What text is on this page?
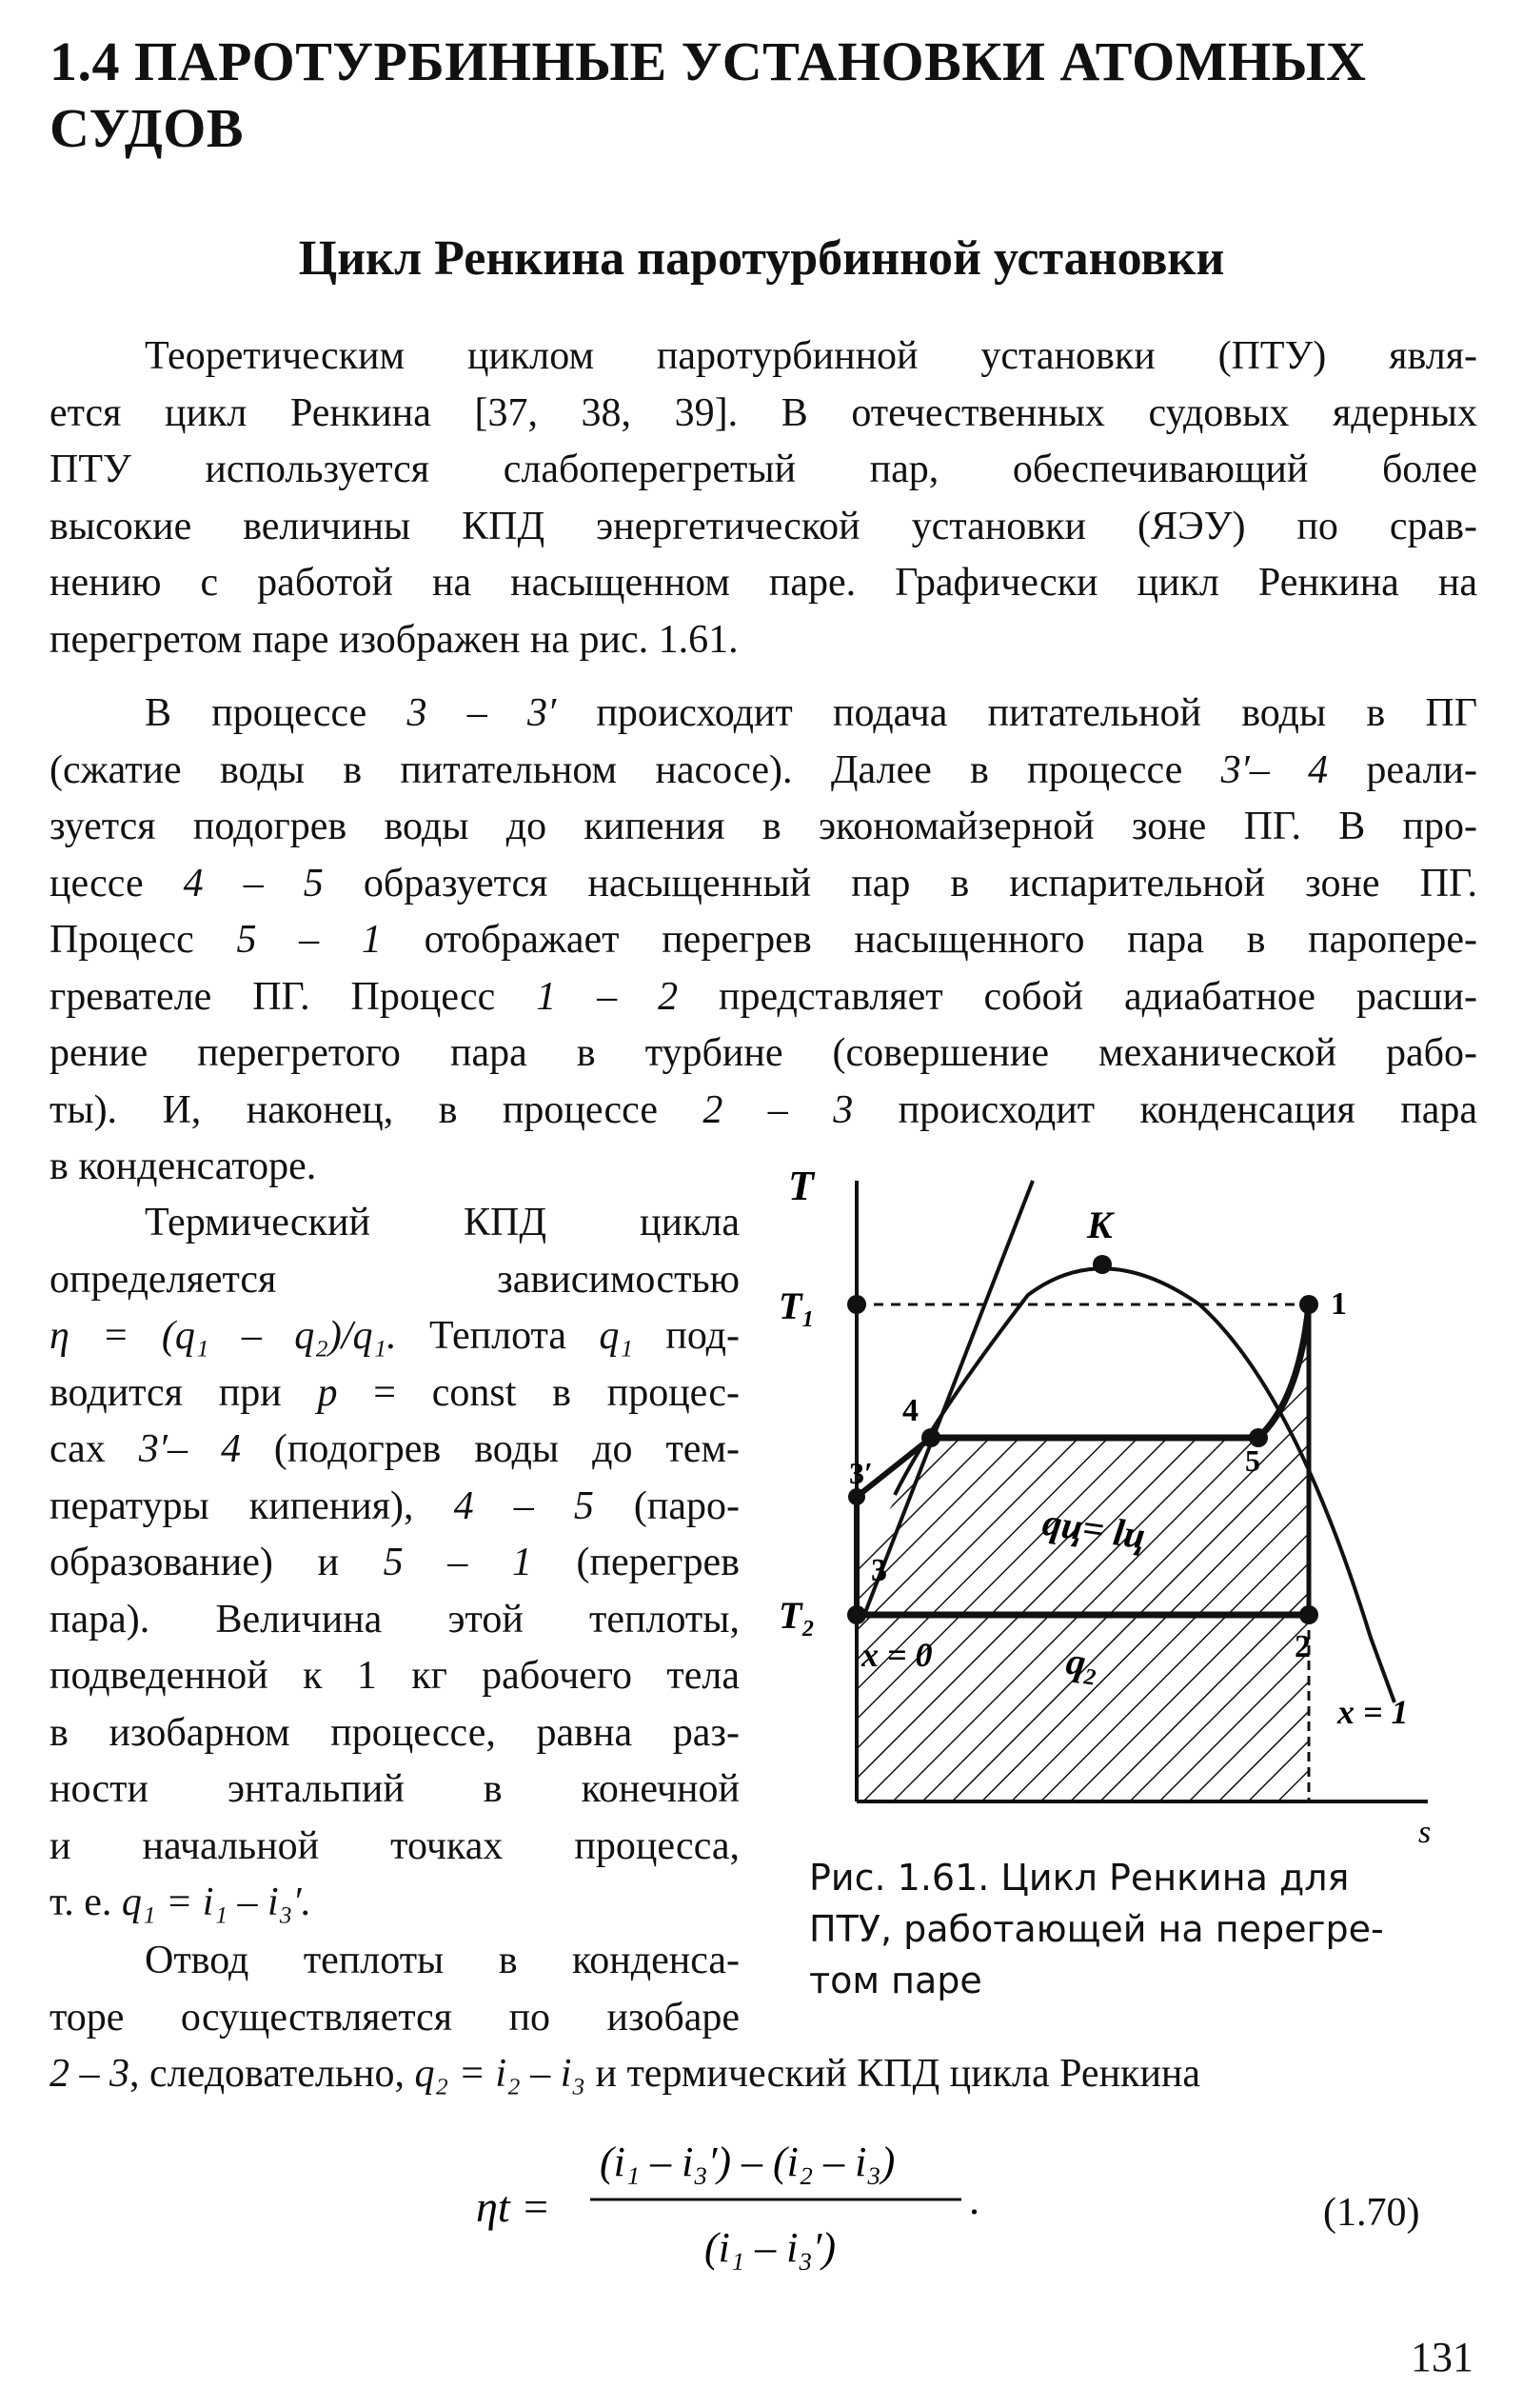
1.4 ПАРОТУРБИННЫЕ УСТАНОВКИ АТОМНЫХ
СУДОВ
Цикл Ренкина паротурбинной установки
Теоретическим циклом паротурбинной установки (ПТУ) явля-
ется цикл Ренкина [37, 38, 39]. В отечественных судовых ядерных
ПТУ используется слабоперегретый пар, обеспечивающий более
высокие величины КПД энергетической установки (ЯЭУ) по срав-
нению с работой на насыщенном паре. Графически цикл Ренкина на
перегретом паре изображен на рис. 1.61.
В процессе 3 – 3′ происходит подача питательной воды в ПГ
(сжатие воды в питательном насосе). Далее в процессе 3′– 4 реали-
зуется подогрев воды до кипения в экономайзерной зоне ПГ. В про-
цессе 4 – 5 образуется насыщенный пар в испарительной зоне ПГ.
Процесс 5 – 1 отображает перегрев насыщенного пара в пароперe-
гревателе ПГ. Процесс 1 – 2 представляет собой адиабатное расши-
рение перегретого пара в турбине (совершение механической рабо-
ты). И, наконец, в процессе 2 – 3 происходит конденсация пара
в конденсаторе.
Термический КПД цикла
определяется зависимостью
η = (q₁ – q₂)/q₁. Теплота q₁ под-
водится при p = const в процес-
сах 3′– 4 (подогрев воды до тем-
пературы кипения), 4 – 5 (паро-
образование) и 5 – 1 (перегрев
пара). Величина этой теплоты,
подведенной к 1 кг рабочего тела
в изобарном процессе, равна раз-
ности энтальпий в конечной
и начальной точках процесса,
т. е. q₁ = i₁ – i₃′.
Отвод теплоты в конденса-
торе осуществляется по изобаре
2 – 3, следовательно, q₂ = i₂ – i₃ и термический КПД цикла Ренкина
T
s
K
T₁
T₂
1
2
3
3′
4
5
qц= lц
q₂
x = 0
x = 1
Рис. 1.61. Цикл Ренкина для
ПТУ, работающей на перегре-
том паре
ηt =
(i₁ – i₃′) – (i₂ – i₃)
(i₁ – i₃′)
.	(1.70)
131
